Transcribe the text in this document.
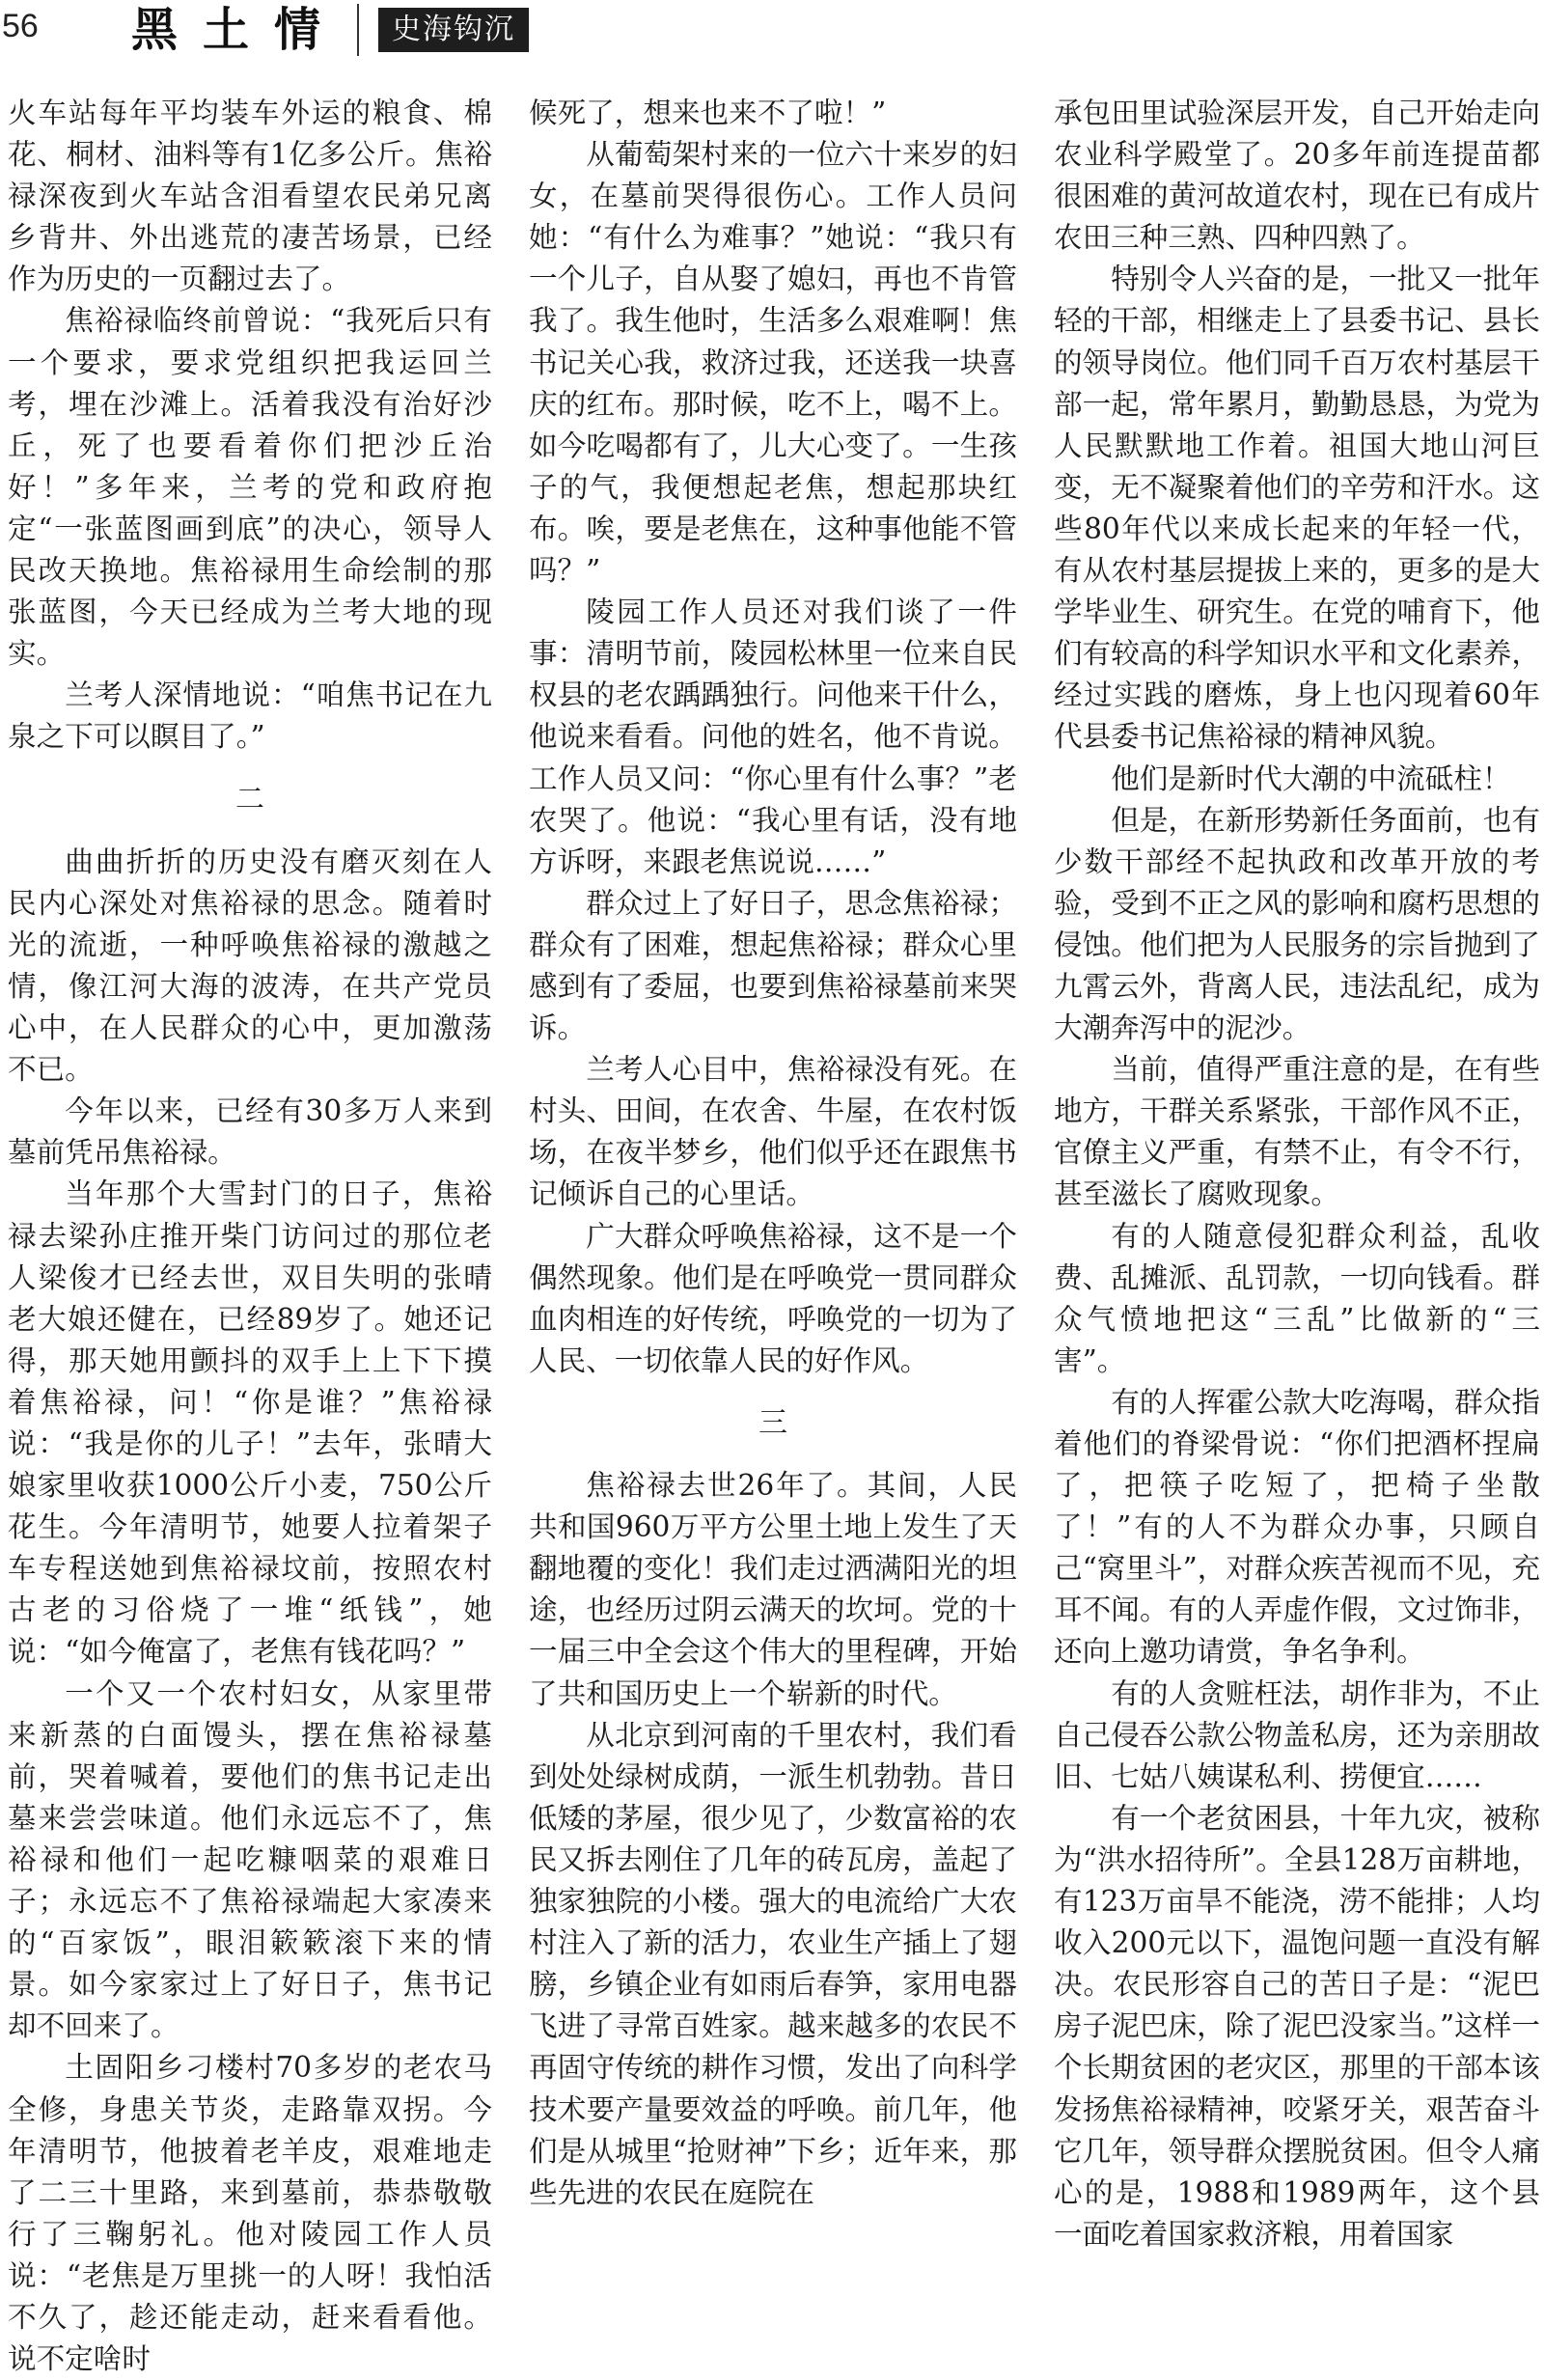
56 黑土情	史海钩沉

火车站每年平均装车外运的粮食、棉花、桐材、油料等有1亿多公斤。焦裕禄深夜到火车站含泪看望农民弟兄离乡背井、外出逃荒的凄苦场景，已经作为历史的一页翻过去了。

焦裕禄临终前曾说：“我死后只有一个要求，要求党组织把我运回兰考，埋在沙滩上。活着我没有治好沙丘，死了也要看着你们把沙丘治好！”多年来，兰考的党和政府抱定“一张蓝图画到底”的决心，领导人民改天换地。焦裕禄用生命绘制的那张蓝图，今天已经成为兰考大地的现实。

兰考人深情地说：“咱焦书记在九泉之下可以瞑目了。”

二

曲曲折折的历史没有磨灭刻在人民内心深处对焦裕禄的思念。随着时光的流逝，一种呼唤焦裕禄的激越之情，像江河大海的波涛，在共产党员心中，在人民群众的心中，更加激荡不已。

今年以来，已经有30多万人来到墓前凭吊焦裕禄。

当年那个大雪封门的日子，焦裕禄去梁孙庄推开柴门访问过的那位老人梁俊才已经去世，双目失明的张晴老大娘还健在，已经89岁了。她还记得，那天她用颤抖的双手上上下下摸着焦裕禄，问！“你是谁？”焦裕禄说：“我是你的儿子！”去年，张晴大娘家里收获1000公斤小麦，750公斤花生。今年清明节，她要人拉着架子车专程送她到焦裕禄坟前，按照农村古老的习俗烧了一堆“纸钱”，她说：“如今俺富了，老焦有钱花吗？”

一个又一个农村妇女，从家里带来新蒸的白面馒头，摆在焦裕禄墓前，哭着喊着，要他们的焦书记走出墓来尝尝味道。他们永远忘不了，焦裕禄和他们一起吃糠咽菜的艰难日子；永远忘不了焦裕禄端起大家凑来的“百家饭”，眼泪簌簌滚下来的情景。如今家家过上了好日子，焦书记却不回来了。

土固阳乡刁楼村70多岁的老农马全修，身患关节炎，走路靠双拐。今年清明节，他披着老羊皮，艰难地走了二三十里路，来到墓前，恭恭敬敬行了三鞠躬礼。他对陵园工作人员说：“老焦是万里挑一的人呀！我怕活不久了，趁还能走动，赶来看看他。说不定啥时

候死了，想来也来不了啦！”

从葡萄架村来的一位六十来岁的妇女，在墓前哭得很伤心。工作人员问她：“有什么为难事？”她说：“我只有一个儿子，自从娶了媳妇，再也不肯管我了。我生他时，生活多么艰难啊！焦书记关心我，救济过我，还送我一块喜庆的红布。那时候，吃不上，喝不上。如今吃喝都有了，儿大心变了。一生孩子的气，我便想起老焦，想起那块红布。唉，要是老焦在，这种事他能不管吗？”

陵园工作人员还对我们谈了一件事：清明节前，陵园松林里一位来自民权县的老农踽踽独行。问他来干什么，他说来看看。问他的姓名，他不肯说。工作人员又问：“你心里有什么事？”老农哭了。他说：“我心里有话，没有地方诉呀，来跟老焦说说……”

群众过上了好日子，思念焦裕禄；群众有了困难，想起焦裕禄；群众心里感到有了委屈，也要到焦裕禄墓前来哭诉。

兰考人心目中，焦裕禄没有死。在村头、田间，在农舍、牛屋，在农村饭场，在夜半梦乡，他们似乎还在跟焦书记倾诉自己的心里话。

广大群众呼唤焦裕禄，这不是一个偶然现象。他们是在呼唤党一贯同群众血肉相连的好传统，呼唤党的一切为了人民、一切依靠人民的好作风。

三

焦裕禄去世26年了。其间，人民共和国960万平方公里土地上发生了天翻地覆的变化！我们走过洒满阳光的坦途，也经历过阴云满天的坎坷。党的十一届三中全会这个伟大的里程碑，开始了共和国历史上一个崭新的时代。

从北京到河南的千里农村，我们看到处处绿树成荫，一派生机勃勃。昔日低矮的茅屋，很少见了，少数富裕的农民又拆去刚住了几年的砖瓦房，盖起了独家独院的小楼。强大的电流给广大农村注入了新的活力，农业生产插上了翅膀，乡镇企业有如雨后春笋，家用电器飞进了寻常百姓家。越来越多的农民不再固守传统的耕作习惯，发出了向科学技术要产量要效益的呼唤。前几年，他们是从城里“抢财神”下乡；近年来，那些先进的农民在庭院在

承包田里试验深层开发，自己开始走向农业科学殿堂了。20多年前连提苗都很困难的黄河故道农村，现在已有成片农田三种三熟、四种四熟了。

特别令人兴奋的是，一批又一批年轻的干部，相继走上了县委书记、县长的领导岗位。他们同千百万农村基层干部一起，常年累月，勤勤恳恳，为党为人民默默地工作着。祖国大地山河巨变，无不凝聚着他们的辛劳和汗水。这些80年代以来成长起来的年轻一代，有从农村基层提拔上来的，更多的是大学毕业生、研究生。在党的哺育下，他们有较高的科学知识水平和文化素养，经过实践的磨炼，身上也闪现着60年代县委书记焦裕禄的精神风貌。

他们是新时代大潮的中流砥柱！

但是，在新形势新任务面前，也有少数干部经不起执政和改革开放的考验，受到不正之风的影响和腐朽思想的侵蚀。他们把为人民服务的宗旨抛到了九霄云外，背离人民，违法乱纪，成为大潮奔泻中的泥沙。

当前，值得严重注意的是，在有些地方，干群关系紧张，干部作风不正，官僚主义严重，有禁不止，有令不行，甚至滋长了腐败现象。

有的人随意侵犯群众利益，乱收费、乱摊派、乱罚款，一切向钱看。群众气愤地把这“三乱”比做新的“三害”。

有的人挥霍公款大吃海喝，群众指着他们的脊梁骨说：“你们把酒杯捏扁了，把筷子吃短了，把椅子坐散了！”有的人不为群众办事，只顾自己“窝里斗”，对群众疾苦视而不见，充耳不闻。有的人弄虚作假，文过饰非，还向上邀功请赏，争名争利。

有的人贪赃枉法，胡作非为，不止自己侵吞公款公物盖私房，还为亲朋故旧、七姑八姨谋私利、捞便宜……

有一个老贫困县，十年九灾，被称为“洪水招待所”。全县128万亩耕地，有123万亩旱不能浇，涝不能排；人均收入200元以下，温饱问题一直没有解决。农民形容自己的苦日子是：“泥巴房子泥巴床，除了泥巴没家当。”这样一个长期贫困的老灾区，那里的干部本该发扬焦裕禄精神，咬紧牙关，艰苦奋斗它几年，领导群众摆脱贫困。但令人痛心的是，1988和1989两年，这个县一面吃着国家救济粮，用着国家
